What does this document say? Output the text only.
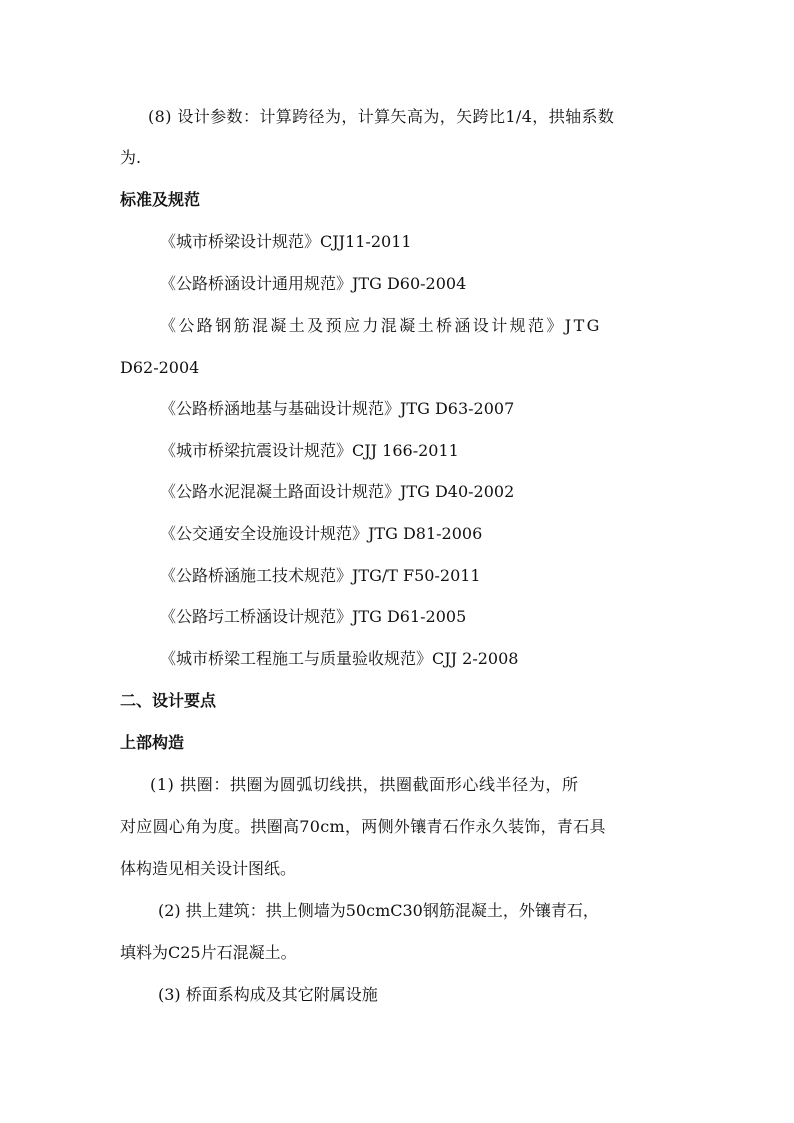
(8) 设计参数：计算跨径为，计算矢高为，矢跨比1/4，拱轴系数
为.
标准及规范
《城市桥梁设计规范》CJJ11-2011
《公路桥涵设计通用规范》JTG D60-2004
《公路钢筋混凝土及预应力混凝土桥涵设计规范》JTG
D62-2004
《公路桥涵地基与基础设计规范》JTG D63-2007
《城市桥梁抗震设计规范》CJJ 166-2011
《公路水泥混凝土路面设计规范》JTG D40-2002
《公交通安全设施设计规范》JTG D81-2006
《公路桥涵施工技术规范》JTG/T F50-2011
《公路圬工桥涵设计规范》JTG D61-2005
《城市桥梁工程施工与质量验收规范》CJJ 2-2008
二、设计要点
上部构造
(1) 拱圈：拱圈为圆弧切线拱，拱圈截面形心线半径为，所
对应圆心角为度。拱圈高70cm，两侧外镶青石作永久装饰，青石具
体构造见相关设计图纸。
(2) 拱上建筑：拱上侧墙为50cmC30钢筋混凝土，外镶青石，
填料为C25片石混凝土。
(3) 桥面系构成及其它附属设施
